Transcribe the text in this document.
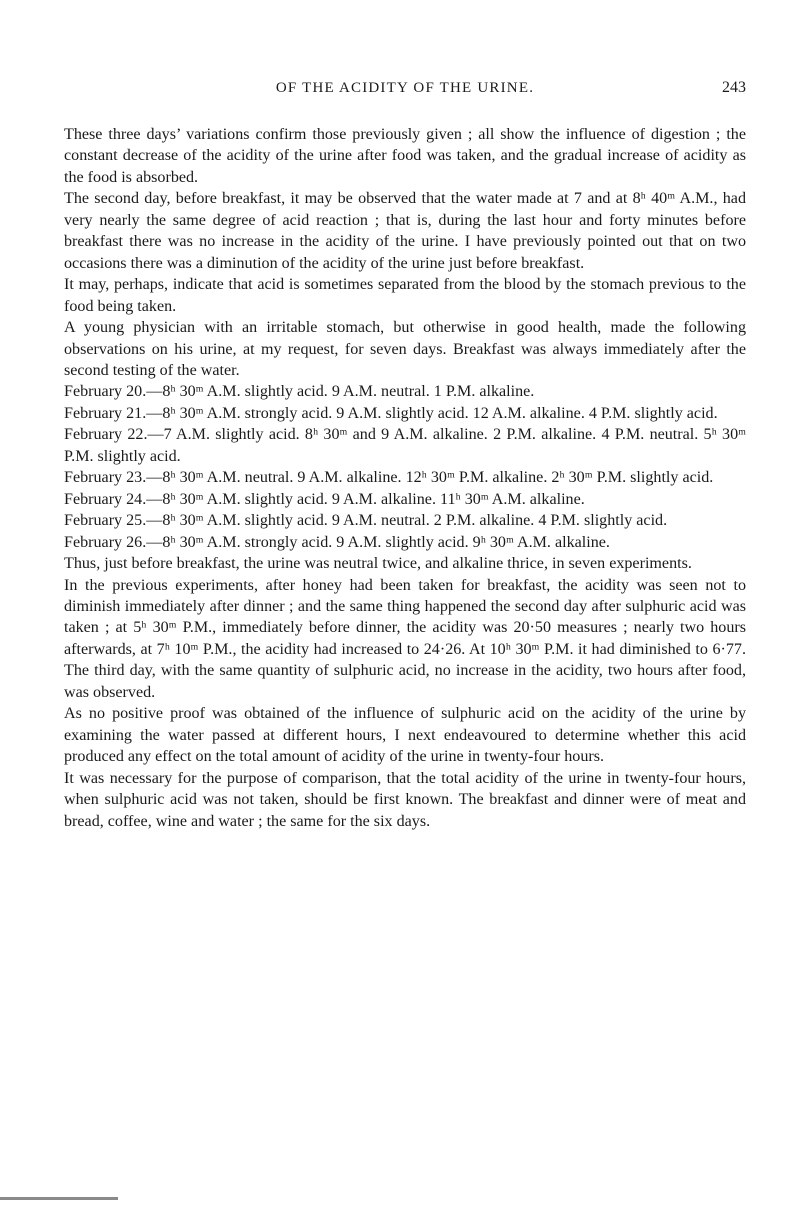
OF THE ACIDITY OF THE URINE.	243

These three days’ variations confirm those previously given ; all show the influence of digestion ; the constant decrease of the acidity of the urine after food was taken, and the gradual increase of acidity as the food is absorbed.

The second day, before breakfast, it may be observed that the water made at 7 and at 8ʰ 40ᵐ A.M., had very nearly the same degree of acid reaction ; that is, during the last hour and forty minutes before breakfast there was no increase in the acidity of the urine. I have previously pointed out that on two occasions there was a diminution of the acidity of the urine just before breakfast.

It may, perhaps, indicate that acid is sometimes separated from the blood by the stomach previous to the food being taken.

A young physician with an irritable stomach, but otherwise in good health, made the following observations on his urine, at my request, for seven days. Breakfast was always immediately after the second testing of the water.

February 20.—8ʰ 30ᵐ A.M. slightly acid. 9 A.M. neutral. 1 P.M. alkaline.

February 21.—8ʰ 30ᵐ A.M. strongly acid. 9 A.M. slightly acid. 12 A.M. alkaline. 4 P.M. slightly acid.

February 22.—7 A.M. slightly acid. 8ʰ 30ᵐ and 9 A.M. alkaline. 2 P.M. alkaline. 4 P.M. neutral. 5ʰ 30ᵐ P.M. slightly acid.

February 23.—8ʰ 30ᵐ A.M. neutral. 9 A.M. alkaline. 12ʰ 30ᵐ P.M. alkaline. 2ʰ 30ᵐ P.M. slightly acid.

February 24.—8ʰ 30ᵐ A.M. slightly acid. 9 A.M. alkaline. 11ʰ 30ᵐ A.M. alkaline.

February 25.—8ʰ 30ᵐ A.M. slightly acid. 9 A.M. neutral. 2 P.M. alkaline. 4 P.M. slightly acid.

February 26.—8ʰ 30ᵐ A.M. strongly acid. 9 A.M. slightly acid. 9ʰ 30ᵐ A.M. alkaline.

Thus, just before breakfast, the urine was neutral twice, and alkaline thrice, in seven experiments.

In the previous experiments, after honey had been taken for breakfast, the acidity was seen not to diminish immediately after dinner ; and the same thing happened the second day after sulphuric acid was taken ; at 5ʰ 30ᵐ P.M., immediately before dinner, the acidity was 20·50 measures ; nearly two hours afterwards, at 7ʰ 10ᵐ P.M., the acidity had increased to 24·26. At 10ʰ 30ᵐ P.M. it had diminished to 6·77. The third day, with the same quantity of sulphuric acid, no increase in the acidity, two hours after food, was observed.

As no positive proof was obtained of the influence of sulphuric acid on the acidity of the urine by examining the water passed at different hours, I next endeavoured to determine whether this acid produced any effect on the total amount of acidity of the urine in twenty-four hours.

It was necessary for the purpose of comparison, that the total acidity of the urine in twenty-four hours, when sulphuric acid was not taken, should be first known. The breakfast and dinner were of meat and bread, coffee, wine and water ; the same for the six days.
